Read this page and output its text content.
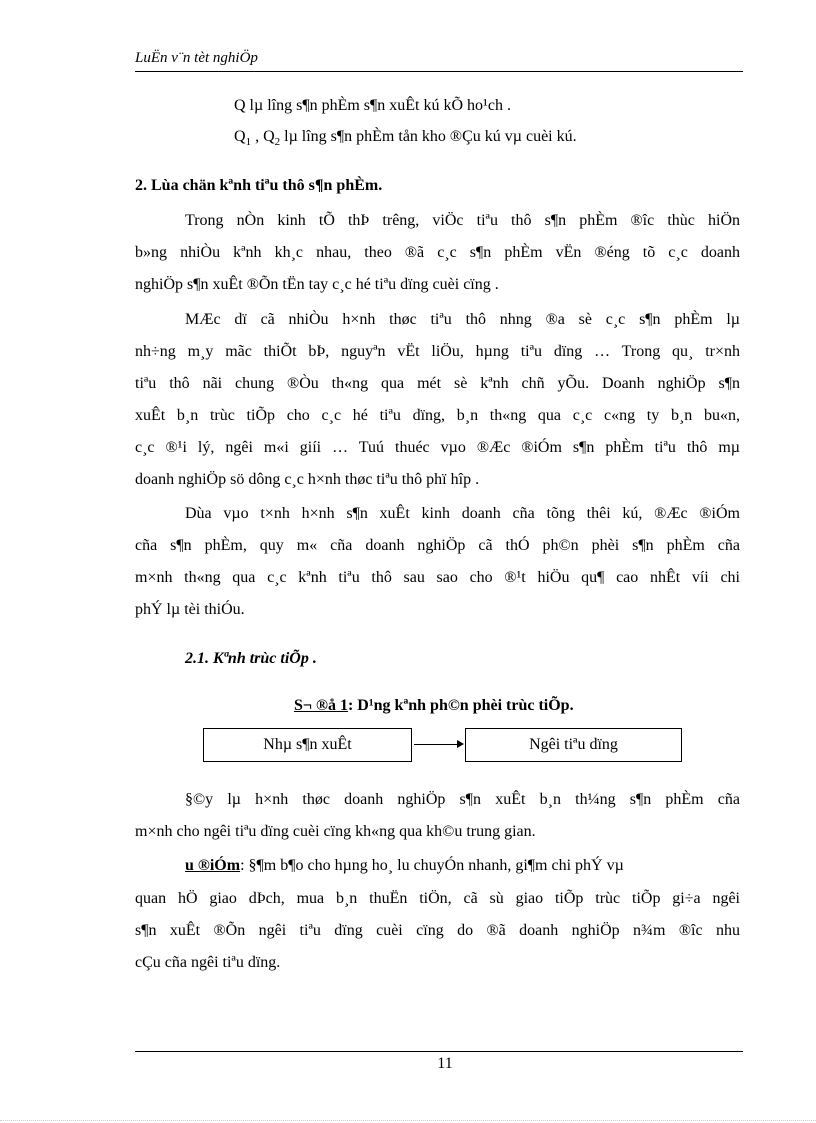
LuËn v¨n tèt nghiÖp
Q lµ lîng s¶n phÈm s¶n xuÊt kú kÕ ho¹ch .
$Q_1$ , $Q_2$ lµ lîng s¶n phÈm tån kho ®Çu kú vµ cuèi kú.
2. Lùa chän kªnh tiªu thô s¶n phÈm.
Trong nÒn kinh tÕ thÞ trêng, viÖc tiªu thô s¶n phÈm ®îc thùc hiÖn
b»ng nhiÒu kªnh kh¸c nhau, theo ®ã c¸c s¶n phÈm vËn ®éng tõ c¸c doanh
nghiÖp s¶n xuÊt ®Õn tËn tay c¸c hé tiªu dïng cuèi cïng .
MÆc dï cã nhiÒu h×nh thøc tiªu thô nhng ®a sè c¸c s¶n phÈm lµ
nh÷ng m¸y mãc thiÕt bÞ, nguyªn vËt liÖu, hµng tiªu dïng … Trong qu¸ tr×nh
tiªu thô nãi chung ®Òu th«ng qua mét sè kªnh chñ yÕu. Doanh nghiÖp s¶n
xuÊt b¸n trùc tiÕp cho c¸c hé tiªu dïng, b¸n th«ng qua c¸c c«ng ty b¸n bu«n,
c¸c ®¹i lý, ngêi m«i giíi … Tuú thuéc vµo ®Æc ®iÓm s¶n phÈm tiªu thô mµ
doanh nghiÖp sö dông c¸c h×nh thøc tiªu thô phï hîp .
Dùa vµo t×nh h×nh s¶n xuÊt kinh doanh cña tõng thêi kú, ®Æc ®iÓm
cña s¶n phÈm, quy m« cña doanh nghiÖp cã thÓ ph©n phèi s¶n phÈm cña
m×nh th«ng qua c¸c kªnh tiªu thô sau sao cho ®¹t hiÖu qu¶ cao nhÊt víi chi
phÝ lµ tèi thiÓu.
2.1. Kªnh trùc tiÕp .
S¬ ®å 1: D¹ng kªnh ph©n phèi trùc tiÕp.
Nhµ s¶n xuÊt	Ngêi tiªu dïng
§©y lµ h×nh thøc doanh nghiÖp s¶n xuÊt b¸n th¼ng s¶n phÈm cña
m×nh cho ngêi tiªu dïng cuèi cïng kh«ng qua kh©u trung gian.
u ®iÓm: §¶m b¶o cho hµng ho¸ lu chuyÓn nhanh, gi¶m chi phÝ vµ
quan hÖ giao dÞch, mua b¸n thuËn tiÖn, cã sù giao tiÕp trùc tiÕp gi÷a ngêi
s¶n xuÊt ®Õn ngêi tiªu dïng cuèi cïng do ®ã doanh nghiÖp n¾m ®îc nhu
cÇu cña ngêi tiªu dïng.
11
